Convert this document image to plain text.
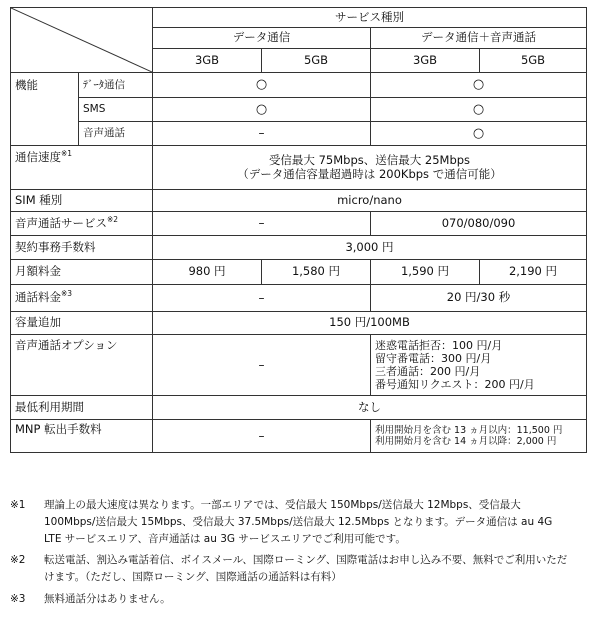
	サービス種別			
		データ通信		データ通信＋音声通話	
		3GB	5GB	3GB	5GB
機能	ﾃﾞｰﾀ通信	○		○	
	SMS	○		○	
	音声通話	–		○	
通信速度$^{※1}$		受信最大 75Mbps、送信最大 25Mbps
（データ通信容量超過時は 200Kbps で通信可能）			

SIM 種別		micro/nano			
音声通話サービス$^{※2}$		–		070/080/090	
契約事務手数料		3,000 円			
月額料金		980 円	1,580 円	1,590 円	2,190 円
通話料金$^{※3}$		–		20 円/30 秒	
容量追加		150 円/100MB			
音声通話オプション		–		迷惑電話拒否：100 円/月
留守番電話：300 円/月
三者通話：200 円/月
番号通知リクエスト：200 円/月	

最低利用期間		なし			
MNP 転出手数料		–		利用開始月を含む 13 ヵ月以内：11,500 円
利用開始月を含む 14 ヵ月以降：2,000 円	
※1	理論上の最大速度は異なります。一部エリアでは、受信最大 150Mbps/送信最大 12Mbps、受信最大
100Mbps/送信最大 15Mbps、受信最大 37.5Mbps/送信最大 12.5Mbps となります。データ通信は au 4G
LTE サービスエリア、音声通話は au 3G サービスエリアでご利用可能です。
※2	転送電話、割込み電話着信、ボイスメール、国際ローミング、国際電話はお申し込み不要、無料でご利用いただ
けます。（ただし、国際ローミング、国際通話の通話料は有料）
※3	無料通話分はありません。
